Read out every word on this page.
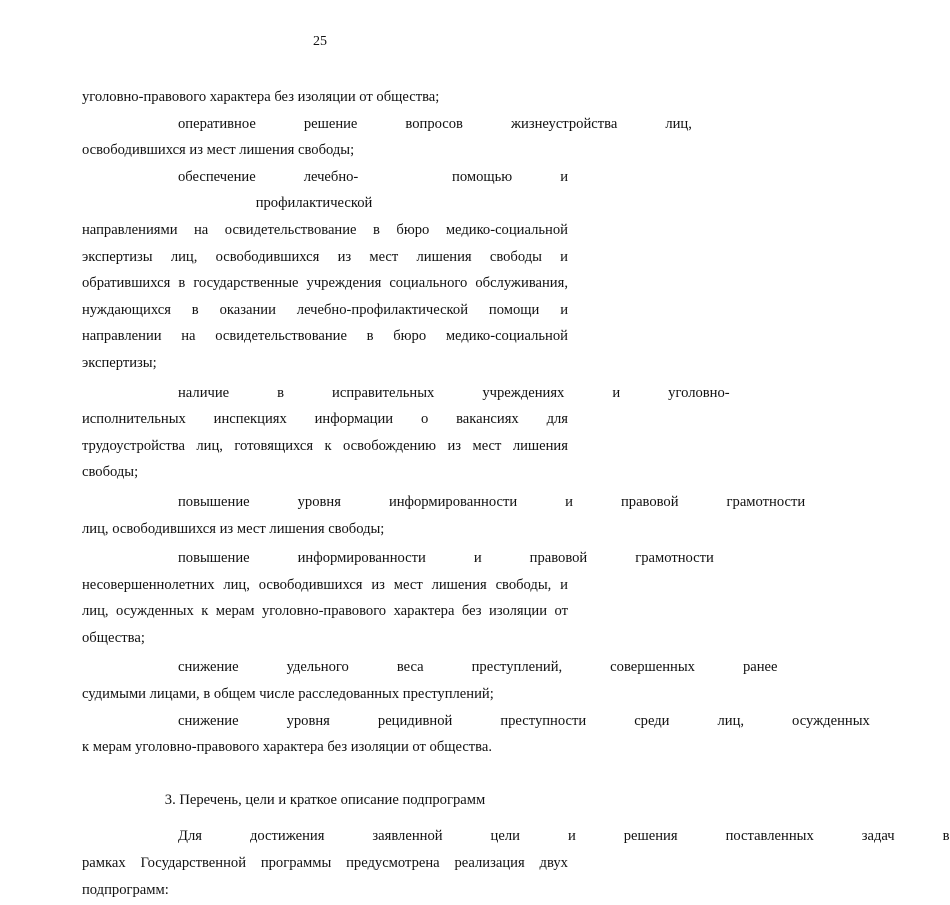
25
уголовно-правового характера без изоляции от общества;
оперативное	решение	вопросов	жизнеустройства	лиц,
освободившихся из мест лишения свободы;
обеспечение	лечебно-профилактической
помощью	и
направлениями на освидетельствование в бюро медико-социальной
экспертизы лиц, освободившихся из мест лишения свободы и
обратившихся в государственные учреждения социального обслуживания,
нуждающихся в оказании лечебно-профилактической помощи и
направлении на освидетельствование в бюро медико-социальной
экспертизы;
наличие	в	исправительных	учреждениях	и	уголовно-
исполнительных инспекциях информации о вакансиях для
трудоустройства лиц, готовящихся к освобождению из мест лишения
свободы;
повышение	уровня	информированности	и	правовой	грамотности
лиц, освободившихся из мест лишения свободы;
повышение	информированности	и	правовой	грамотности
несовершеннолетних лиц, освободившихся из мест лишения свободы, и
лиц, осужденных к мерам уголовно-правового характера без изоляции от
общества;
снижение	удельного	веса	преступлений,	совершенных	ранее
судимыми лицами, в общем числе расследованных преступлений;
снижение	уровня	рецидивной	преступности	среди	лиц,	осужденных
к мерам уголовно-правового характера без изоляции от общества.
3. Перечень, цели и краткое описание подпрограмм
Для	достижения	заявленной	цели	и	решения	поставленных	задач	в
рамках Государственной программы предусмотрена реализация двух
подпрограмм:
